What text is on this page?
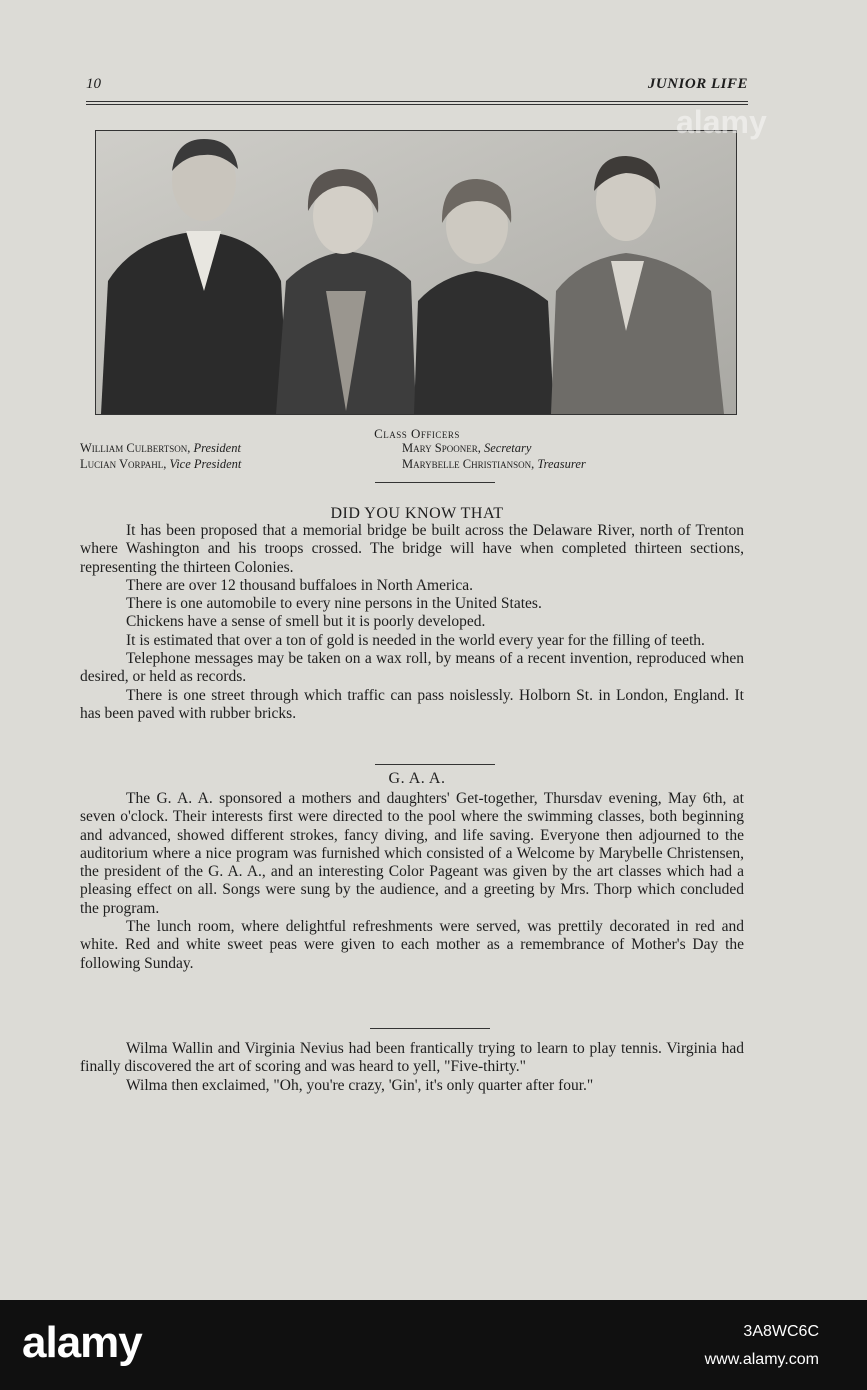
10	JUNIOR LIFE
Class Officers
William Culbertson, President
Lucian Vorpahl, Vice President
Mary Spooner, Secretary
Marybelle Christianson, Treasurer
DID YOU KNOW THAT

It has been proposed that a memorial bridge be built across the Delaware River, north of Trenton where Washington and his troops crossed. The bridge will have when completed thirteen sections, representing the thirteen Colonies.

There are over 12 thousand buffaloes in North America.

There is one automobile to every nine persons in the United States.

Chickens have a sense of smell but it is poorly developed.

It is estimated that over a ton of gold is needed in the world every year for the filling of teeth.

Telephone messages may be taken on a wax roll, by means of a recent invention, reproduced when desired, or held as records.

There is one street through which traffic can pass noislessly. Holborn St. in London, England. It has been paved with rubber bricks.

G. A. A.

The G. A. A. sponsored a mothers and daughters' Get-together, Thursdav evening, May 6th, at seven o'clock. Their interests first were directed to the pool where the swimming classes, both beginning and advanced, showed different strokes, fancy diving, and life saving. Everyone then adjourned to the auditorium where a nice program was furnished which consisted of a Welcome by Marybelle Christensen, the president of the G. A. A., and an interesting Color Pageant was given by the art classes which had a pleasing effect on all. Songs were sung by the audience, and a greeting by Mrs. Thorp which concluded the program.

The lunch room, where delightful refreshments were served, was prettily decorated in red and white. Red and white sweet peas were given to each mother as a remembrance of Mother's Day the following Sunday.

Wilma Wallin and Virginia Nevius had been frantically trying to learn to play tennis. Virginia had finally discovered the art of scoring and was heard to yell, "Five-thirty."

Wilma then exclaimed, "Oh, you're crazy, 'Gin', it's only quarter after four."

alamy
alamy	3A8WC6C
www.alamy.com
